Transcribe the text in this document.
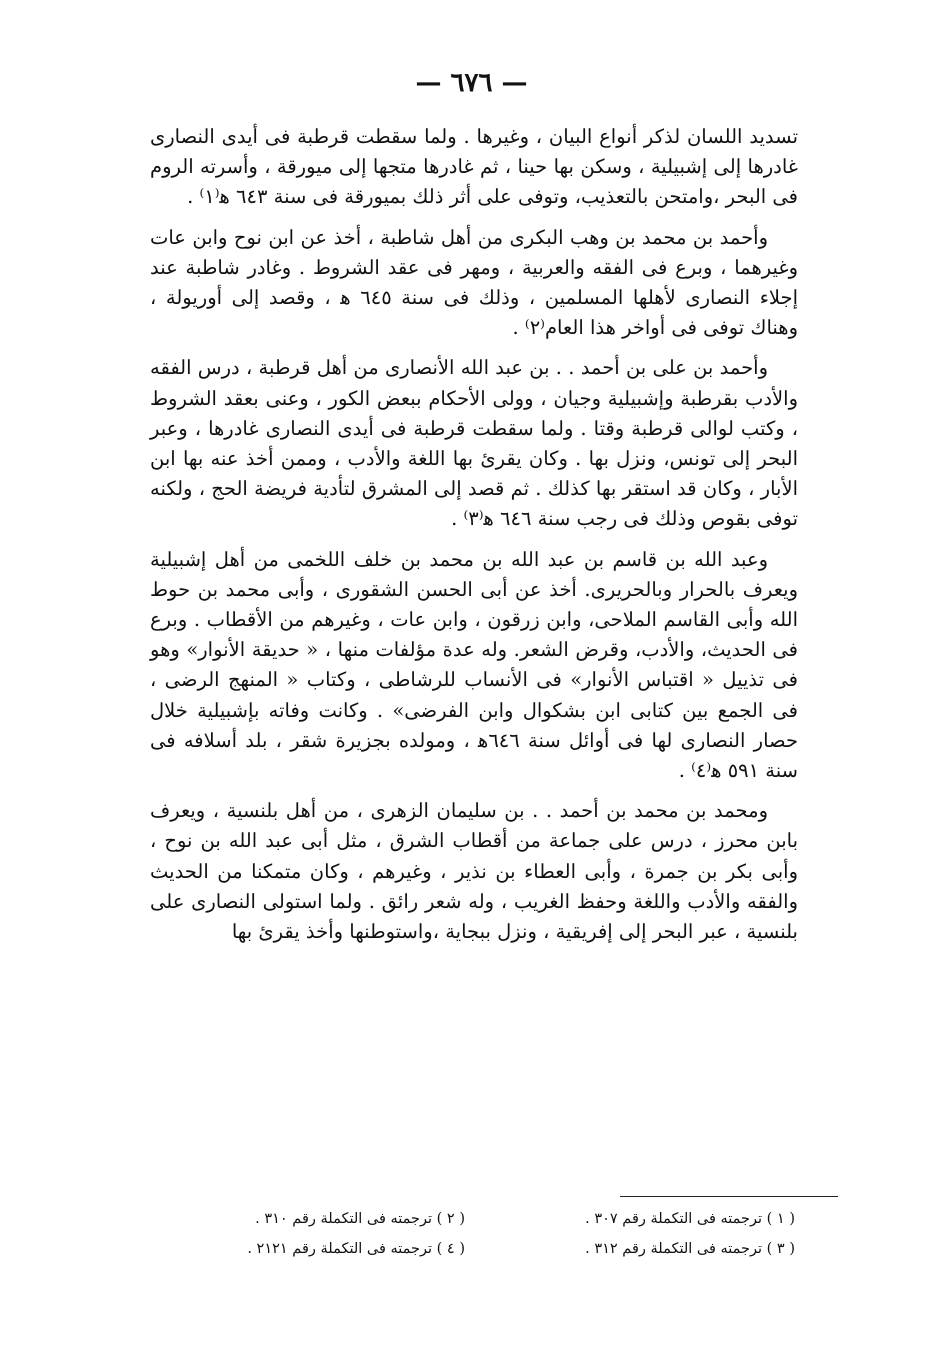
— ٦٧٦ —

تسديد اللسان لذكر أنواع البيان ، وغيرها . ولما سقطت قرطبة فى أيدى النصارى غادرها إلى إشبيلية ، وسكن بها حينا ، ثم غادرها متجها إلى ميورقة ، وأسرته الروم فى البحر ،وامتحن بالتعذيب، وتوفى على أثر ذلك بميورقة فى سنة ٦٤٣ ه‍⁽١⁾ .

وأحمد بن محمد بن وهب البكرى من أهل شاطبة ، أخذ عن ابن نوح وابن عات وغيرهما ، وبرع فى الفقه والعربية ، ومهر فى عقد الشروط . وغادر شاطبة عند إجلاء النصارى لأهلها المسلمين ، وذلك فى سنة ٦٤٥ ه‍ ، وقصد إلى أوريولة ، وهناك توفى فى أواخر هذا العام⁽٢⁾ .

وأحمد بن على بن أحمد . . بن عبد الله الأنصارى من أهل قرطبة ، درس الفقه والأدب بقرطبة وإشبيلية وجيان ، وولى الأحكام ببعض الكور ، وعنى بعقد الشروط ، وكتب لوالى قرطبة وقتا . ولما سقطت قرطبة فى أيدى النصارى غادرها ، وعبر البحر إلى تونس، ونزل بها . وكان يقرئ بها اللغة والأدب ، وممن أخذ عنه بها ابن الأبار ، وكان قد استقر بها كذلك . ثم قصد إلى المشرق لتأدية فريضة الحج ، ولكنه توفى بقوص وذلك فى رجب سنة ٦٤٦ ه‍⁽٣⁾ .

وعبد الله بن قاسم بن عبد الله بن محمد بن خلف اللخمى من أهل إشبيلية ويعرف بالحرار وبالحريرى. أخذ عن أبى الحسن الشقورى ، وأبى محمد بن حوط الله وأبى القاسم الملاحى، وابن زرقون ، وابن عات ، وغيرهم من الأقطاب . وبرع فى الحديث، والأدب، وقرض الشعر. وله عدة مؤلفات منها ، « حديقة الأنوار» وهو فى تذييل « اقتباس الأنوار» فى الأنساب للرشاطى ، وكتاب « المنهج الرضى ، فى الجمع بين كتابى ابن بشكوال وابن الفرضى» . وكانت وفاته بإشبيلية خلال حصار النصارى لها فى أوائل سنة ٦٤٦ه‍ ، ومولده بجزيرة شقر ، بلد أسلافه فى سنة ٥٩١ ه‍⁽٤⁾ .

ومحمد بن محمد بن أحمد . . بن سليمان الزهرى ، من أهل بلنسية ، ويعرف بابن محرز ، درس على جماعة من أقطاب الشرق ، مثل أبى عبد الله بن نوح ، وأبى بكر بن جمرة ، وأبى العطاء بن نذير ، وغيرهم ، وكان متمكنا من الحديث والفقه والأدب واللغة وحفظ الغريب ، وله شعر رائق . ولما استولى النصارى على بلنسية ، عبر البحر إلى إفريقية ، ونزل ببجاية ،واستوطنها وأخذ يقرئ بها

( ١ ) ترجمته فى التكملة رقم ٣٠٧ .
( ٢ ) ترجمته فى التكملة رقم ٣١٠ .
( ٣ ) ترجمته فى التكملة رقم ٣١٢ .
( ٤ ) ترجمته فى التكملة رقم ٢١٢١ .
